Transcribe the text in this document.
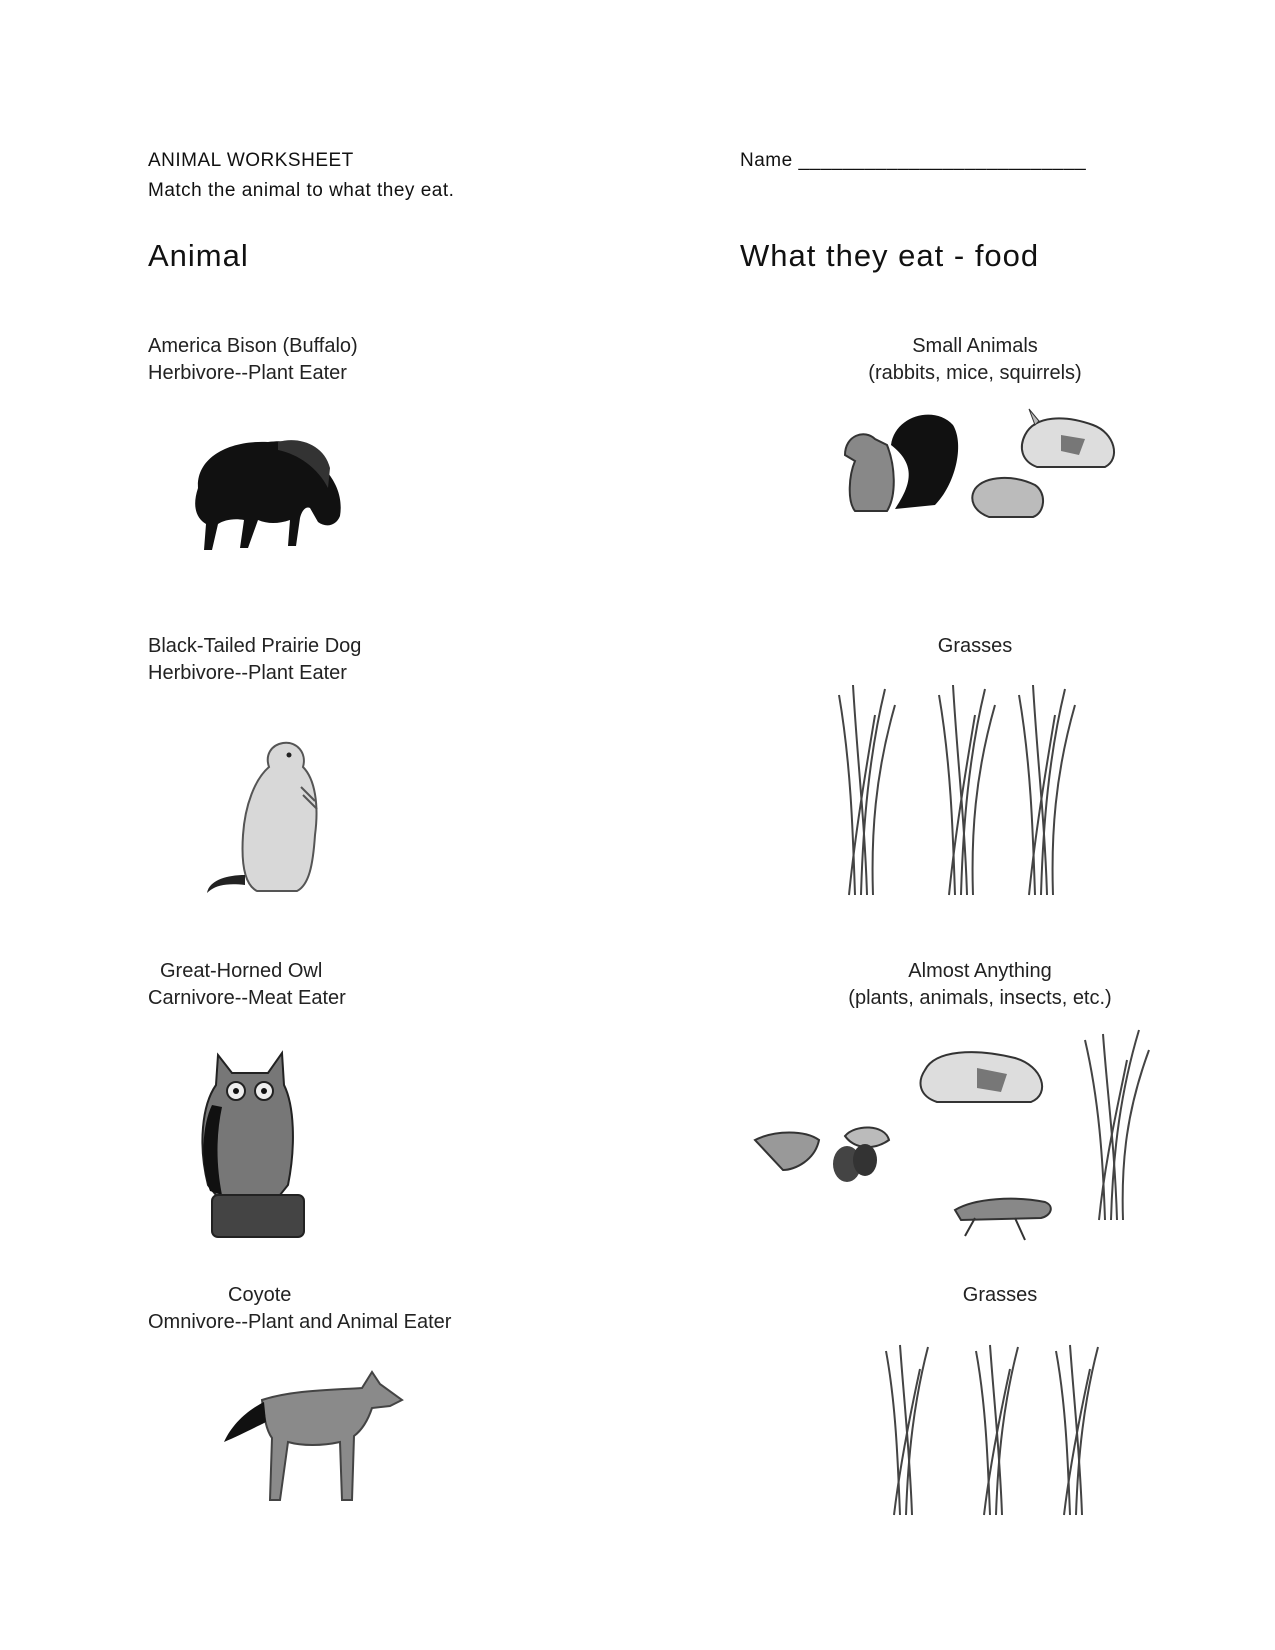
ANIMAL WORKSHEET
Match the animal to what they eat.
Name __________________________
Animal	What they eat - food
America Bison (Buffalo)
Herbivore--Plant Eater
Black-Tailed Prairie Dog
Herbivore--Plant Eater
Great-Horned Owl
Carnivore--Meat Eater
Coyote
Omnivore--Plant and Animal Eater
Small Animals
(rabbits, mice, squirrels)
Grasses
Almost Anything
(plants, animals, insects, etc.)
Grasses
